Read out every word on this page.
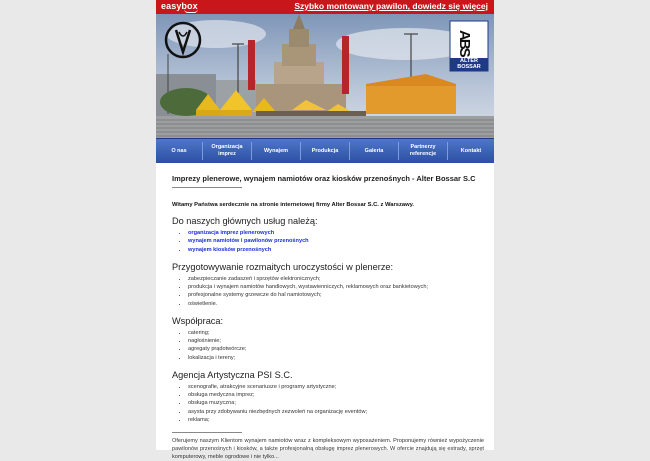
easybox	Szybko montowany pawilon, dowiedz się więcej
ABS
ALTER
BOSSAR
O nas
Organizacja imprez
Wynajem	Produkcja	Galeria
Partnerzy referencje
Kontakt
Imprezy plenerowe, wynajem namiotów oraz kiosków przenośnych - Alter Bossar S.C
Witamy Państwa serdecznie na stronie internetowej firmy Alter Bossar S.C. z Warszawy.
Do naszych głównych usług należą:
• organizacja imprez plenerowych
• wynajem namiotów i pawilonów przenośnych
• wynajem kiosków przenośnych
Przygotowywanie rozmaitych uroczystości w plenerze:
• zabezpieczanie zadaszeń i sprzętów elektronicznych;
• produkcja i wynajem namiotów handlowych, wystawienniczych, reklamowych oraz bankietowych;
• profesjonalne systemy grzewcze do hal namiotowych;
• oświetlenie.
Współpraca:
• catering;
• nagłośnienie;
• agregaty prądotwórcze;
• lokalizacja i tereny;
Agencja Artystyczna PSI S.C.
• scenografie, atrakcyjne scenariusze i programy artystyczne;
• obsługa medyczna imprez;
• obsługa muzyczna;
• asysta przy zdobywaniu niezbędnych zezwoleń na organizację eventów;
• reklama;
Oferujemy naszym Klientom wynajem namiotów wraz z kompleksowym wyposażeniem. Proponujemy również wypożyczenie pawilonów przenośnych i kiosków, a także profesjonalną obsługę imprez plenerowych. W ofercie znajdują się estrady, sprzęt komputerowy, meble ogrodowe i nie tylko...
